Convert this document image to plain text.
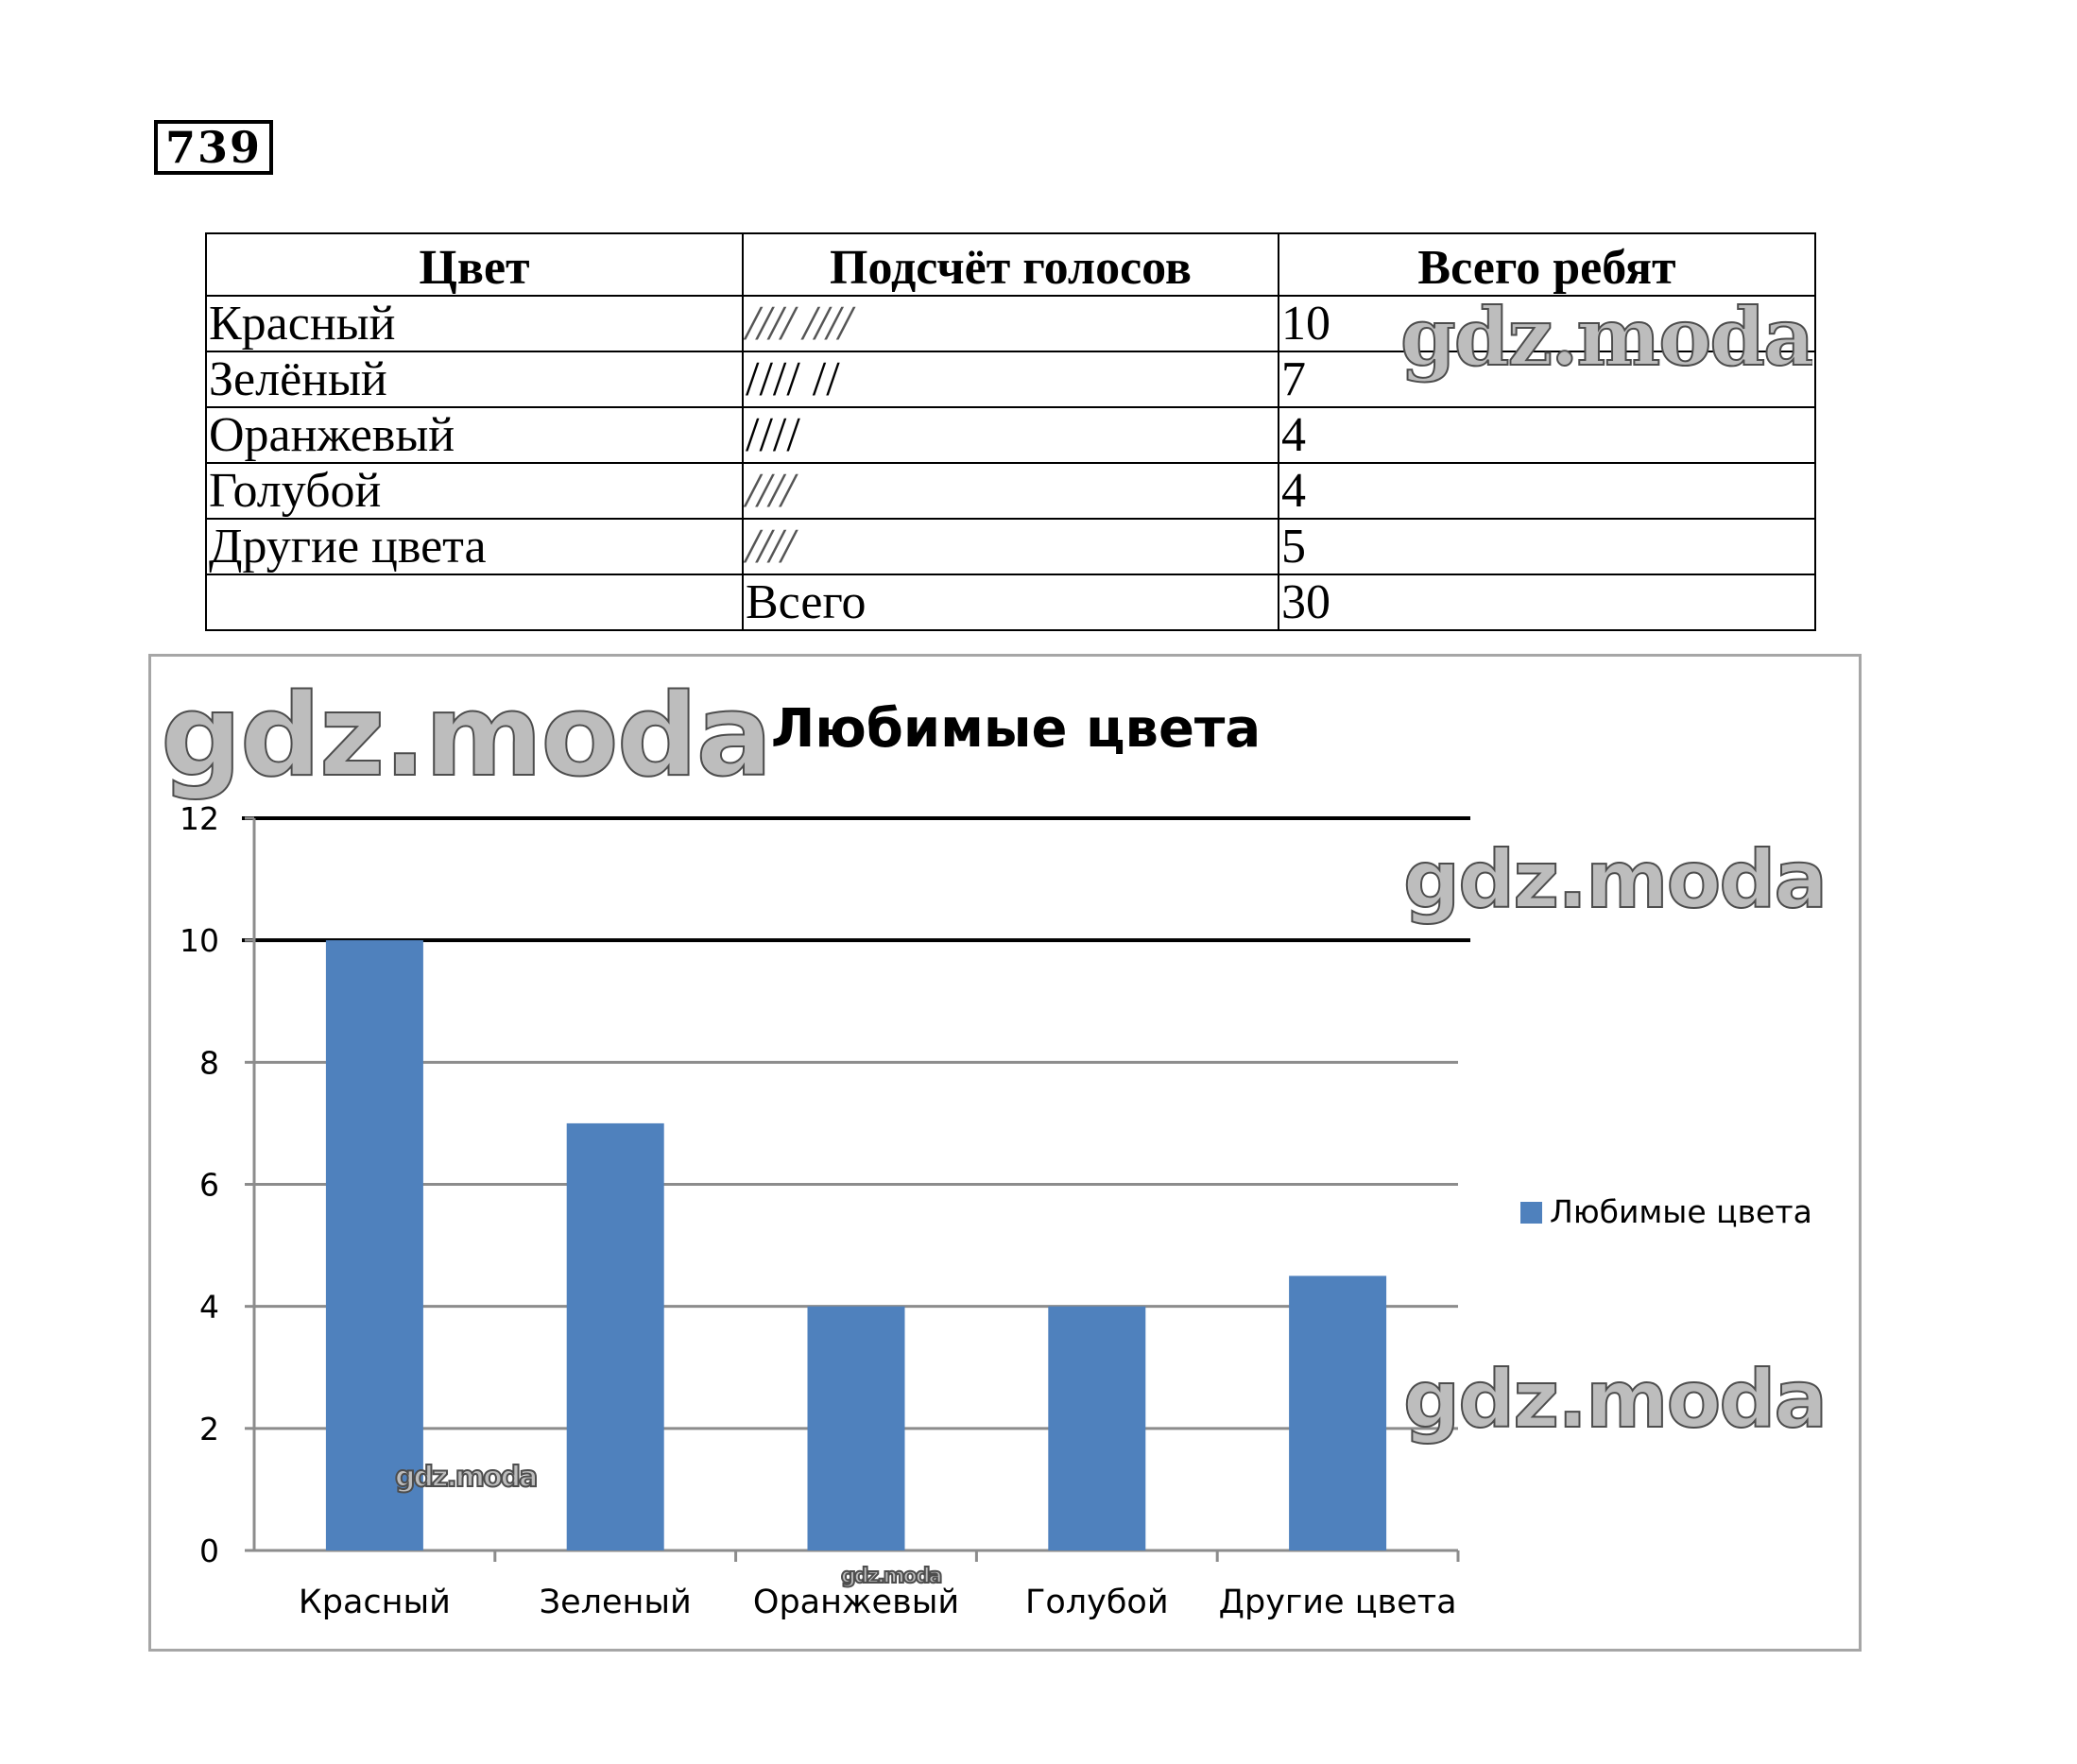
739
Цвет	Подсчёт голосов	Всего ребят
Красный	//// ////	10
Зелёный	//// //	7
Оранжевый	////	4
Голубой	////	4
Другие цвета	////	5
	Всего	30
Любимые цвета
0
2
4
6
8
10
12
Красный	Зеленый Оранжевый Голубой Другие цвета
Любимые цвета
gdz.moda
gdz.moda
gdz.moda
gdz.moda
gdz.moda
gdz.moda
